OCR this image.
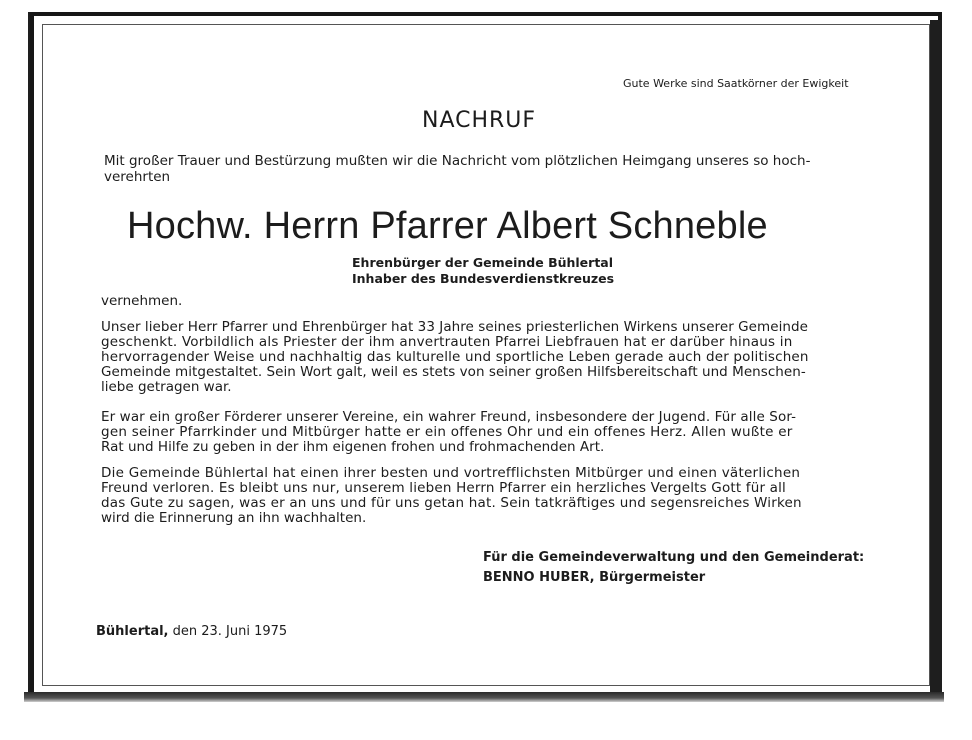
Gute Werke sind Saatkörner der Ewigkeit
NACHRUF
Mit großer Trauer und Bestürzung mußten wir die Nachricht vom plötzlichen Heimgang unseres so hoch-
verehrten
Hochw. Herrn Pfarrer Albert Schneble
Ehrenbürger der Gemeinde Bühlertal
Inhaber des Bundesverdienstkreuzes
vernehmen.
Unser lieber Herr Pfarrer und Ehrenbürger hat 33 Jahre seines priesterlichen Wirkens unserer Gemeinde
geschenkt. Vorbildlich als Priester der ihm anvertrauten Pfarrei Liebfrauen hat er darüber hinaus in
hervorragender Weise und nachhaltig das kulturelle und sportliche Leben gerade auch der politischen
Gemeinde mitgestaltet. Sein Wort galt, weil es stets von seiner großen Hilfsbereitschaft und Menschen-
liebe getragen war.
Er war ein großer Förderer unserer Vereine, ein wahrer Freund, insbesondere der Jugend. Für alle Sor-
gen seiner Pfarrkinder und Mitbürger hatte er ein offenes Ohr und ein offenes Herz. Allen wußte er
Rat und Hilfe zu geben in der ihm eigenen frohen und frohmachenden Art.
Die Gemeinde Bühlertal hat einen ihrer besten und vortrefflichsten Mitbürger und einen väterlichen
Freund verloren. Es bleibt uns nur, unserem lieben Herrn Pfarrer ein herzliches Vergelts Gott für all
das Gute zu sagen, was er an uns und für uns getan hat. Sein tatkräftiges und segensreiches Wirken
wird die Erinnerung an ihn wachhalten.
Für die Gemeindeverwaltung und den Gemeinderat:
BENNO HUBER, Bürgermeister
Bühlertal, den 23. Juni 1975
